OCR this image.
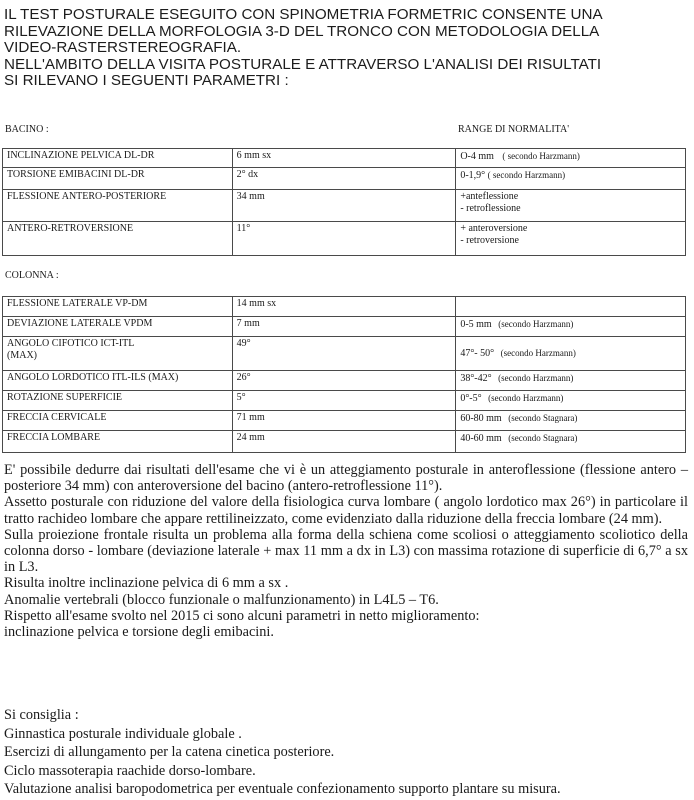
IL TEST POSTURALE ESEGUITO CON SPINOMETRIA FORMETRIC CONSENTE UNA
RILEVAZIONE DELLA MORFOLOGIA 3-D DEL TRONCO CON METODOLOGIA DELLA
VIDEO-RASTERSTEREOGRAFIA.
NELL'AMBITO DELLA VISITA POSTURALE E ATTRAVERSO L'ANALISI DEI RISULTATI
SI RILEVANO I SEGUENTI PARAMETRI :
BACINO :	RANGE DI NORMALITA'
INCLINAZIONE PELVICA DL-DR	6 mm sx	O-4 mm ( secondo Harzmann)
TORSIONE EMIBACINI DL-DR	2° dx	0-1,9° ( secondo Harzmann)
FLESSIONE ANTERO-POSTERIORE	34 mm	+anteflessione
- retroflessione

ANTERO-RETROVERSIONE	11°	+ anteroversione
- retroversione
COLONNA :
FLESSIONE LATERALE VP-DM	14 mm sx	
DEVIAZIONE LATERALE VPDM	7 mm	0-5 mm (secondo Harzmann)

ANGOLO CIFOTICO ICT-ITL
(MAX)	49°	47°- 50° (secondo Harzmann)
ANGOLO LORDOTICO ITL-ILS (MAX)	26°	38°-42° (secondo Harzmann)
ROTAZIONE SUPERFICIE	5°	0°-5° (secondo Harzmann)
FRECCIA CERVICALE	71 mm	60-80 mm (secondo Stagnara)
FRECCIA LOMBARE	24 mm	40-60 mm (secondo Stagnara)

E' possibile dedurre dai risultati dell'esame che vi è un atteggiamento posturale in anteroflessione (flessione antero – posteriore 34 mm) con anteroversione del bacino (antero-retroflessione 11°).

Assetto posturale con riduzione del valore della fisiologica curva lombare ( angolo lordotico max 26°) in particolare il tratto rachideo lombare che appare rettilineizzato, come evidenziato dalla riduzione della freccia lombare (24 mm).

Sulla proiezione frontale risulta un problema alla forma della schiena come scoliosi o atteggiamento scoliotico della colonna dorso - lombare (deviazione laterale + max 11 mm a dx in L3) con massima rotazione di superficie di 6,7° a sx in L3.

Risulta inoltre inclinazione pelvica di 6 mm a sx .

Anomalie vertebrali (blocco funzionale o malfunzionamento) in L4L5 – T6.

Rispetto all'esame svolto nel 2015 ci sono alcuni parametri in netto miglioramento:

inclinazione pelvica e torsione degli emibacini.

Si consiglia :

Ginnastica posturale individuale globale .

Esercizi di allungamento per la catena cinetica posteriore.

Ciclo massoterapia raachide dorso-lombare.

Valutazione analisi baropodometrica per eventuale confezionamento supporto plantare su misura.
